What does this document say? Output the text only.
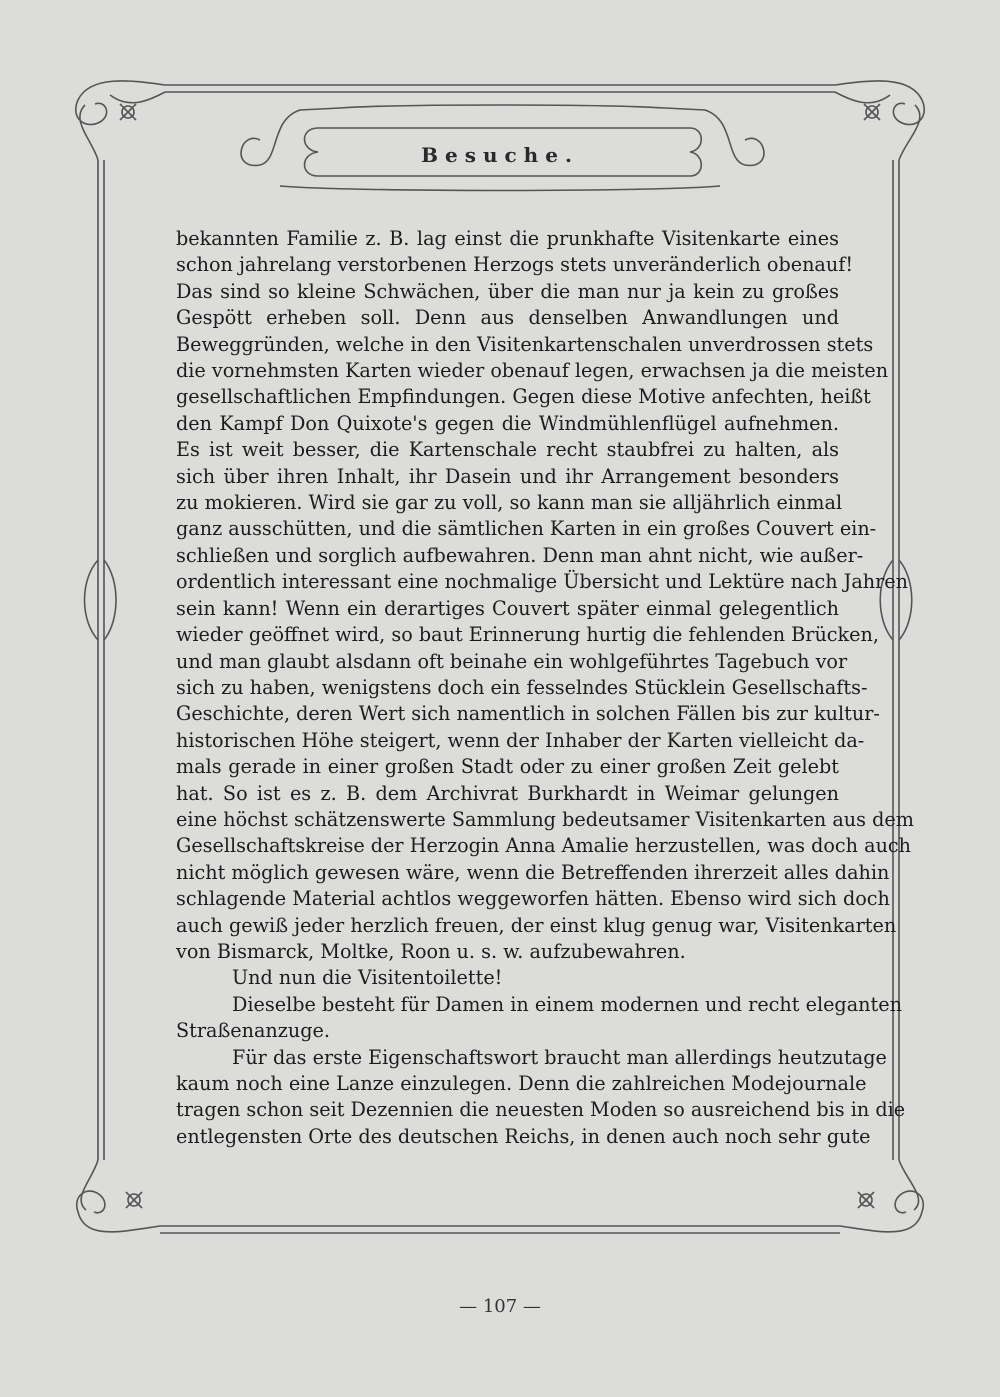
Besuche.
bekannten Familie z. B. lag einst die prunkhafte Visitenkarte eines
schon jahrelang verstorbenen Herzogs stets unveränderlich obenauf!
Das sind so kleine Schwächen, über die man nur ja kein zu großes
Gespött erheben soll. Denn aus denselben Anwandlungen und
Beweggründen, welche in den Visitenkartenschalen unverdrossen stets
die vornehmsten Karten wieder obenauf legen, erwachsen ja die meisten
gesellschaftlichen Empfindungen. Gegen diese Motive anfechten, heißt
den Kampf Don Quixote's gegen die Windmühlenflügel aufnehmen.
Es ist weit besser, die Kartenschale recht staubfrei zu halten, als
sich über ihren Inhalt, ihr Dasein und ihr Arrangement besonders
zu mokieren. Wird sie gar zu voll, so kann man sie alljährlich einmal
ganz ausschütten, und die sämtlichen Karten in ein großes Couvert ein-
schließen und sorglich aufbewahren. Denn man ahnt nicht, wie außer-
ordentlich interessant eine nochmalige Übersicht und Lektüre nach Jahren
sein kann! Wenn ein derartiges Couvert später einmal gelegentlich
wieder geöffnet wird, so baut Erinnerung hurtig die fehlenden Brücken,
und man glaubt alsdann oft beinahe ein wohlgeführtes Tagebuch vor
sich zu haben, wenigstens doch ein fesselndes Stücklein Gesellschafts-
Geschichte, deren Wert sich namentlich in solchen Fällen bis zur kultur-
historischen Höhe steigert, wenn der Inhaber der Karten vielleicht da-
mals gerade in einer großen Stadt oder zu einer großen Zeit gelebt
hat. So ist es z. B. dem Archivrat Burkhardt in Weimar gelungen
eine höchst schätzenswerte Sammlung bedeutsamer Visitenkarten aus dem
Gesellschaftskreise der Herzogin Anna Amalie herzustellen, was doch auch
nicht möglich gewesen wäre, wenn die Betreffenden ihrerzeit alles dahin
schlagende Material achtlos weggeworfen hätten. Ebenso wird sich doch
auch gewiß jeder herzlich freuen, der einst klug genug war, Visitenkarten
von Bismarck, Moltke, Roon u. s. w. aufzubewahren.
Und nun die Visitentoilette!
Dieselbe besteht für Damen in einem modernen und recht eleganten
Straßenanzuge.
Für das erste Eigenschaftswort braucht man allerdings heutzutage
kaum noch eine Lanze einzulegen. Denn die zahlreichen Modejournale
tragen schon seit Dezennien die neuesten Moden so ausreichend bis in die
entlegensten Orte des deutschen Reichs, in denen auch noch sehr gute
— 107 —
